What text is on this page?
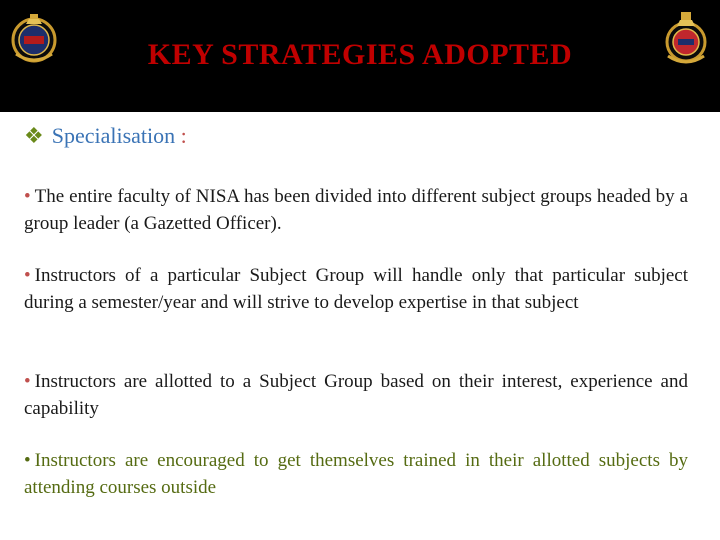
KEY STRATEGIES ADOPTED
❖ Specialisation :
• The entire faculty of NISA has been divided into different subject groups headed by a group leader (a Gazetted Officer).
• Instructors of a particular Subject Group will handle only that particular subject during a semester/year and will strive to develop expertise in that subject
• Instructors are allotted to a Subject Group based on their interest, experience and capability
• Instructors are encouraged to get themselves trained in their allotted subjects by attending courses outside
